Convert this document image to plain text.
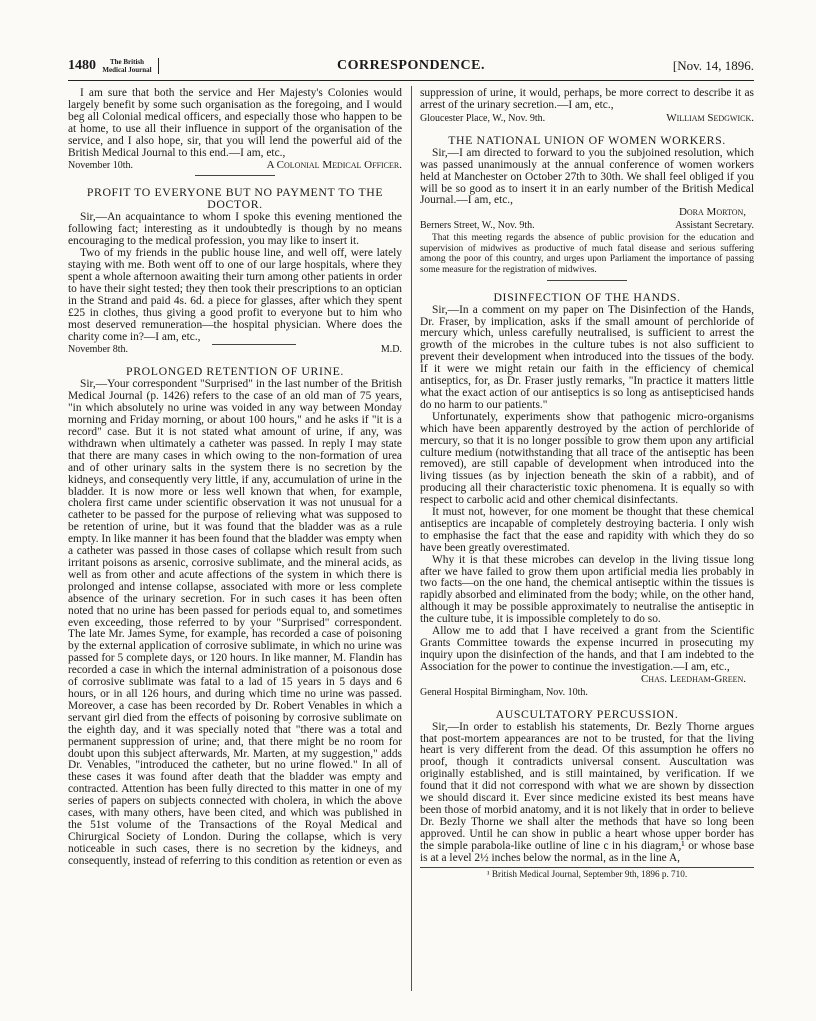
1480	The British
Medical Journal	CORRESPONDENCE.	[Nov. 14, 1896.

I am sure that both the service and Her Majesty's Colonies would largely benefit by some such organisation as the foregoing, and I would beg all Colonial medical officers, and especially those who happen to be at home, to use all their influence in support of the organisation of the service, and I also hope, sir, that you will lend the powerful aid of the British Medical Journal to this end.—I am, etc.,

November 10th.	A Colonial Medical Officer.
PROFIT TO EVERYONE BUT NO PAYMENT TO THE DOCTOR.

Sir,—An acquaintance to whom I spoke this evening mentioned the following fact; interesting as it undoubtedly is though by no means encouraging to the medical profession, you may like to insert it.

Two of my friends in the public house line, and well off, were lately staying with me. Both went off to one of our large hospitals, where they spent a whole afternoon awaiting their turn among other patients in order to have their sight tested; they then took their prescriptions to an optician in the Strand and paid 4s. 6d. a piece for glasses, after which they spent £25 in clothes, thus giving a good profit to everyone but to him who most deserved remuneration—the hospital physician. Where does the charity come in?—I am, etc.,

November 8th.	M.D.
PROLONGED RETENTION OF URINE.

Sir,—Your correspondent "Surprised" in the last number of the British Medical Journal (p. 1426) refers to the case of an old man of 75 years, "in which absolutely no urine was voided in any way between Monday morning and Friday morning, or about 100 hours," and he asks if "it is a record" case. But it is not stated what amount of urine, if any, was withdrawn when ultimately a catheter was passed. In reply I may state that there are many cases in which owing to the non-formation of urea and of other urinary salts in the system there is no secretion by the kidneys, and consequently very little, if any, accumulation of urine in the bladder. It is now more or less well known that when, for example, cholera first came under scientific observation it was not unusual for a catheter to be passed for the purpose of relieving what was supposed to be retention of urine, but it was found that the bladder was as a rule empty. In like manner it has been found that the bladder was empty when a catheter was passed in those cases of collapse which result from such irritant poisons as arsenic, corrosive sublimate, and the mineral acids, as well as from other and acute affections of the system in which there is prolonged and intense collapse, associated with more or less complete absence of the urinary secretion. For in such cases it has been often noted that no urine has been passed for periods equal to, and sometimes even exceeding, those referred to by your "Surprised" correspondent. The late Mr. James Syme, for example, has recorded a case of poisoning by the external application of corrosive sublimate, in which no urine was passed for 5 complete days, or 120 hours. In like manner, M. Flandin has recorded a case in which the internal administration of a poisonous dose of corrosive sublimate was fatal to a lad of 15 years in 5 days and 6 hours, or in all 126 hours, and during which time no urine was passed. Moreover, a case has been recorded by Dr. Robert Venables in which a servant girl died from the effects of poisoning by corrosive sublimate on the eighth day, and it was specially noted that "there was a total and permanent suppression of urine; and, that there might be no room for doubt upon this subject afterwards, Mr. Marten, at my suggestion," adds Dr. Venables, "introduced the catheter, but no urine flowed." In all of these cases it was found after death that the bladder was empty and contracted. Attention has been fully directed to this matter in one of my series of papers on subjects connected with cholera, in which the above cases, with many others, have been cited, and which was published in the 51st volume of the Transactions of the Royal Medical and Chirurgical Society of London. During the collapse, which is very noticeable in such cases, there is no secretion by the kidneys, and consequently, instead of referring to this condition as retention or even as

suppression of urine, it would, perhaps, be more correct to describe it as arrest of the urinary secretion.—I am, etc.,

Gloucester Place, W., Nov. 9th.	William Sedgwick.
THE NATIONAL UNION OF WOMEN WORKERS.

Sir,—I am directed to forward to you the subjoined resolution, which was passed unanimously at the annual conference of women workers held at Manchester on October 27th to 30th. We shall feel obliged if you will be so good as to insert it in an early number of the British Medical Journal.—I am, etc.,

Dora Morton,
Berners Street, W., Nov. 9th.	Assistant Secretary.

That this meeting regards the absence of public provision for the education and supervision of midwives as productive of much fatal disease and serious suffering among the poor of this country, and urges upon Parliament the importance of passing some measure for the registration of midwives.

DISINFECTION OF THE HANDS.

Sir,—In a comment on my paper on The Disinfection of the Hands, Dr. Fraser, by implication, asks if the small amount of perchloride of mercury which, unless carefully neutralised, is sufficient to arrest the growth of the microbes in the culture tubes is not also sufficient to prevent their development when introduced into the tissues of the body. If it were we might retain our faith in the efficiency of chemical antiseptics, for, as Dr. Fraser justly remarks, "In practice it matters little what the exact action of our antiseptics is so long as antisepticised hands do no harm to our patients."

Unfortunately, experiments show that pathogenic micro-organisms which have been apparently destroyed by the action of perchloride of mercury, so that it is no longer possible to grow them upon any artificial culture medium (notwithstanding that all trace of the antiseptic has been removed), are still capable of development when introduced into the living tissues (as by injection beneath the skin of a rabbit), and of producing all their characteristic toxic phenomena. It is equally so with respect to carbolic acid and other chemical disinfectants.

It must not, however, for one moment be thought that these chemical antiseptics are incapable of completely destroying bacteria. I only wish to emphasise the fact that the ease and rapidity with which they do so have been greatly overestimated.

Why it is that these microbes can develop in the living tissue long after we have failed to grow them upon artificial media lies probably in two facts—on the one hand, the chemical antiseptic within the tissues is rapidly absorbed and eliminated from the body; while, on the other hand, although it may be possible approximately to neutralise the antiseptic in the culture tube, it is impossible completely to do so.

Allow me to add that I have received a grant from the Scientific Grants Committee towards the expense incurred in prosecuting my inquiry upon the disinfection of the hands, and that I am indebted to the Association for the power to continue the investigation.—I am, etc.,

Chas. Leedham-Green.
General Hospital Birmingham, Nov. 10th.
AUSCULTATORY PERCUSSION.

Sir,—In order to establish his statements, Dr. Bezly Thorne argues that post-mortem appearances are not to be trusted, for that the living heart is very different from the dead. Of this assumption he offers no proof, though it contradicts universal consent. Auscultation was originally established, and is still maintained, by verification. If we found that it did not correspond with what we are shown by dissection we should discard it. Ever since medicine existed its best means have been those of morbid anatomy, and it is not likely that in order to believe Dr. Bezly Thorne we shall alter the methods that have so long been approved. Until he can show in public a heart whose upper border has the simple parabola-like outline of line c in his diagram,¹ or whose base is at a level 2½ inches below the normal, as in the line A,

¹ British Medical Journal, September 9th, 1896 p. 710.
